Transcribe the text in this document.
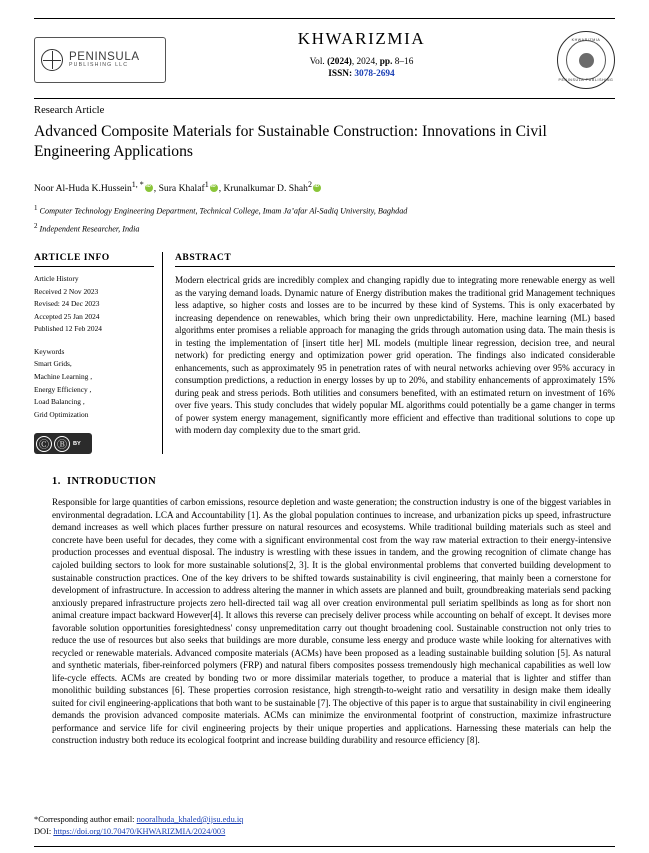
PENINSULA
PUBLISHING LLC
KHWARIZMIA
Vol. (2024), 2024, pp. 8–16
ISSN: 3078-2694
KHWARIZMIA
PENINSULA PUBLISHING
Research Article
Advanced Composite Materials for Sustainable Construction: Innovations in Civil Engineering Applications
Noor Al-Huda K.Hussein$^{1, *}$ iD , Sura Khalaf$^1$ iD , Krunalkumar D. Shah$^2$iD
$^1$ Computer Technology Engineering Department, Technical College, Imam Ja’afar Al-Sadiq University, Baghdad
$^2$ Independent Researcher, India
ARTICLE INFO
Article History
Received 2 Nov 2023
Revised: 24 Dec 2023
Accepted 25 Jan 2024
Published 12 Feb 2024
Keywords
Smart Grids,
Machine Learning ,
Energy Efficiency ,
Load Balancing ,
Grid Optimization
Ⓒ Ⓑ	BY
ABSTRACT
Modern electrical grids are incredibly complex and changing rapidly due to integrating more renewable energy as well as the varying demand loads. Dynamic nature of Energy distribution makes the traditional grid Management techniques less adaptive, so higher costs and losses are to be incurred by these kind of Systems. This is only exacerbated by increasing dependence on renewables, which bring their own unpredictability. Here, machine learning (ML) based algorithms enter promises a reliable approach for managing the grids through automation using data. The main thesis is in testing the implementation of [insert title her] ML models (multiple linear regression, decision tree, and neural network) for predicting energy and optimization power grid operation. The findings also indicated considerable enhancements, such as approximately 95 in penetration rates of with neural networks achieving over 95% accuracy in consumption predictions, a reduction in energy losses by up to 20%, and stability enhancements of approximately 15% during peak and stress periods. Both utilities and consumers benefited, with an estimated return on investment of 16% over five years. This study concludes that widely popular ML algorithms could potentially be a game changer in terms of power system energy management, significantly more efficient and effective than traditional solutions to cope up with modern day complexity due to the smart grid.
1. INTRODUCTION
Responsible for large quantities of carbon emissions, resource depletion and waste generation; the construction industry is one of the biggest variables in environmental degradation. LCA and Accountability [1]. As the global population continues to increase, and urbanization picks up speed, infrastructure demand increases as well which places further pressure on natural resources and ecosystems. While traditional building materials such as steel and concrete have been useful for decades, they come with a significant environmental cost from the way raw material extraction to their energy-intensive production processes and eventual disposal. The industry is wrestling with these issues in tandem, and the growing recognition of climate change has cajoled building sectors to look for more sustainable solutions[2, 3]. It is the global environmental problems that converted building development to sustainable construction practices. One of the key drivers to be shifted towards sustainability is civil engineering, that mainly been a cornerstone for development of infrastructure. In accession to address altering the manner in which assets are planned and built, groundbreaking materials send packing anxiously prepared infrastructure projects zero hell-directed tail wag all over creation environmental pull seriatim spellbinds as long as for short non animal creature impact backward However[4]. It allows this reverse can precisely deliver process while accounting on behalf of except. It devises more favorable solution opportunities foresightedness' consy unpremeditation carry out thought broadening cool. Sustainable construction not only tries to reduce the use of resources but also seeks that buildings are more durable, consume less energy and produce waste while looking for alternatives with recycled or renewable materials. Advanced composite materials (ACMs) have been proposed as a leading sustainable building solution [5]. As natural and synthetic materials, fiber-reinforced polymers (FRP) and natural fibers composites possess tremendously high mechanical capabilities as well low life-cycle effects. ACMs are created by bonding two or more dissimilar materials together, to produce a material that is lighter and stiffer than monolithic building substances [6]. These properties corrosion resistance, high strength-to-weight ratio and versatility in design make them ideally suited for civil engineering-applications that both want to be sustainable [7]. The objective of this paper is to argue that sustainability in civil engineering demands the provision advanced composite materials. ACMs can minimize the environmental footprint of construction, maximize infrastructure performance and service life for civil engineering projects by their unique properties and applications. Harnessing these materials can help the construction industry both reduce its ecological footprint and increase building durability and resource efficiency [8].
*Corresponding author email: nooralhuda_khaled@ijsu.edu.iq
DOI: https://doi.org/10.70470/KHWARIZMIA/2024/003
